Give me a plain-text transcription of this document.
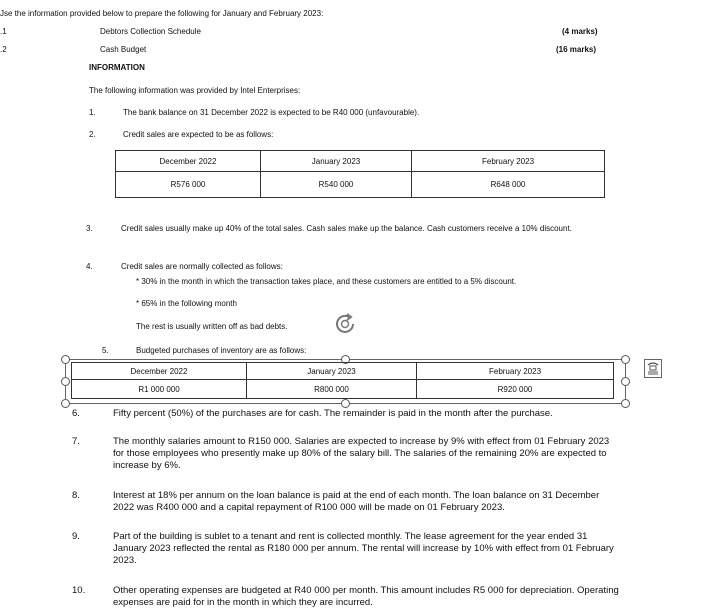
Jse the information provided below to prepare the following for January and February 2023:
.1	Debtors Collection Schedule	(4 marks)
.2	Cash Budget	(16 marks)
INFORMATION
The following information was provided by Intel Enterprises:
1.	The bank balance on 31 December 2022 is expected to be R40 000 (unfavourable).
2.	Credit sales are expected to be as follows:
December 2022	January 2023	February 2023
R576 000	R540 000	R648 000
3.	Credit sales usually make up 40% of the total sales. Cash sales make up the balance. Cash customers receive a 10% discount.
4.	Credit sales are normally collected as follows:
* 30% in the month in which the transaction takes place, and these customers are entitled to a 5% discount.
* 65% in the following month
The rest is usually written off as bad debts.
5.	Budgeted purchases of inventory are as follows:
December 2022	January 2023	February 2023
R1 000 000	R800 000	R920 000
6.	Fifty percent (50%) of the purchases are for cash. The remainder is paid in the month after the purchase.
7.	The monthly salaries amount to R150 000. Salaries are expected to increase by 9% with effect from 01 February 2023 for those employees who presently make up 80% of the salary bill. The salaries of the remaining 20% are expected to increase by 6%.
8.	Interest at 18% per annum on the loan balance is paid at the end of each month. The loan balance on 31 December 2022 was R400 000 and a capital repayment of R100 000 will be made on 01 February 2023.
9.	Part of the building is sublet to a tenant and rent is collected monthly. The lease agreement for the year ended 31 January 2023 reflected the rental as R180 000 per annum. The rental will increase by 10% with effect from 01 February 2023.
10.	Other operating expenses are budgeted at R40 000 per month. This amount includes R5 000 for depreciation. Operating expenses are paid for in the month in which they are incurred.
